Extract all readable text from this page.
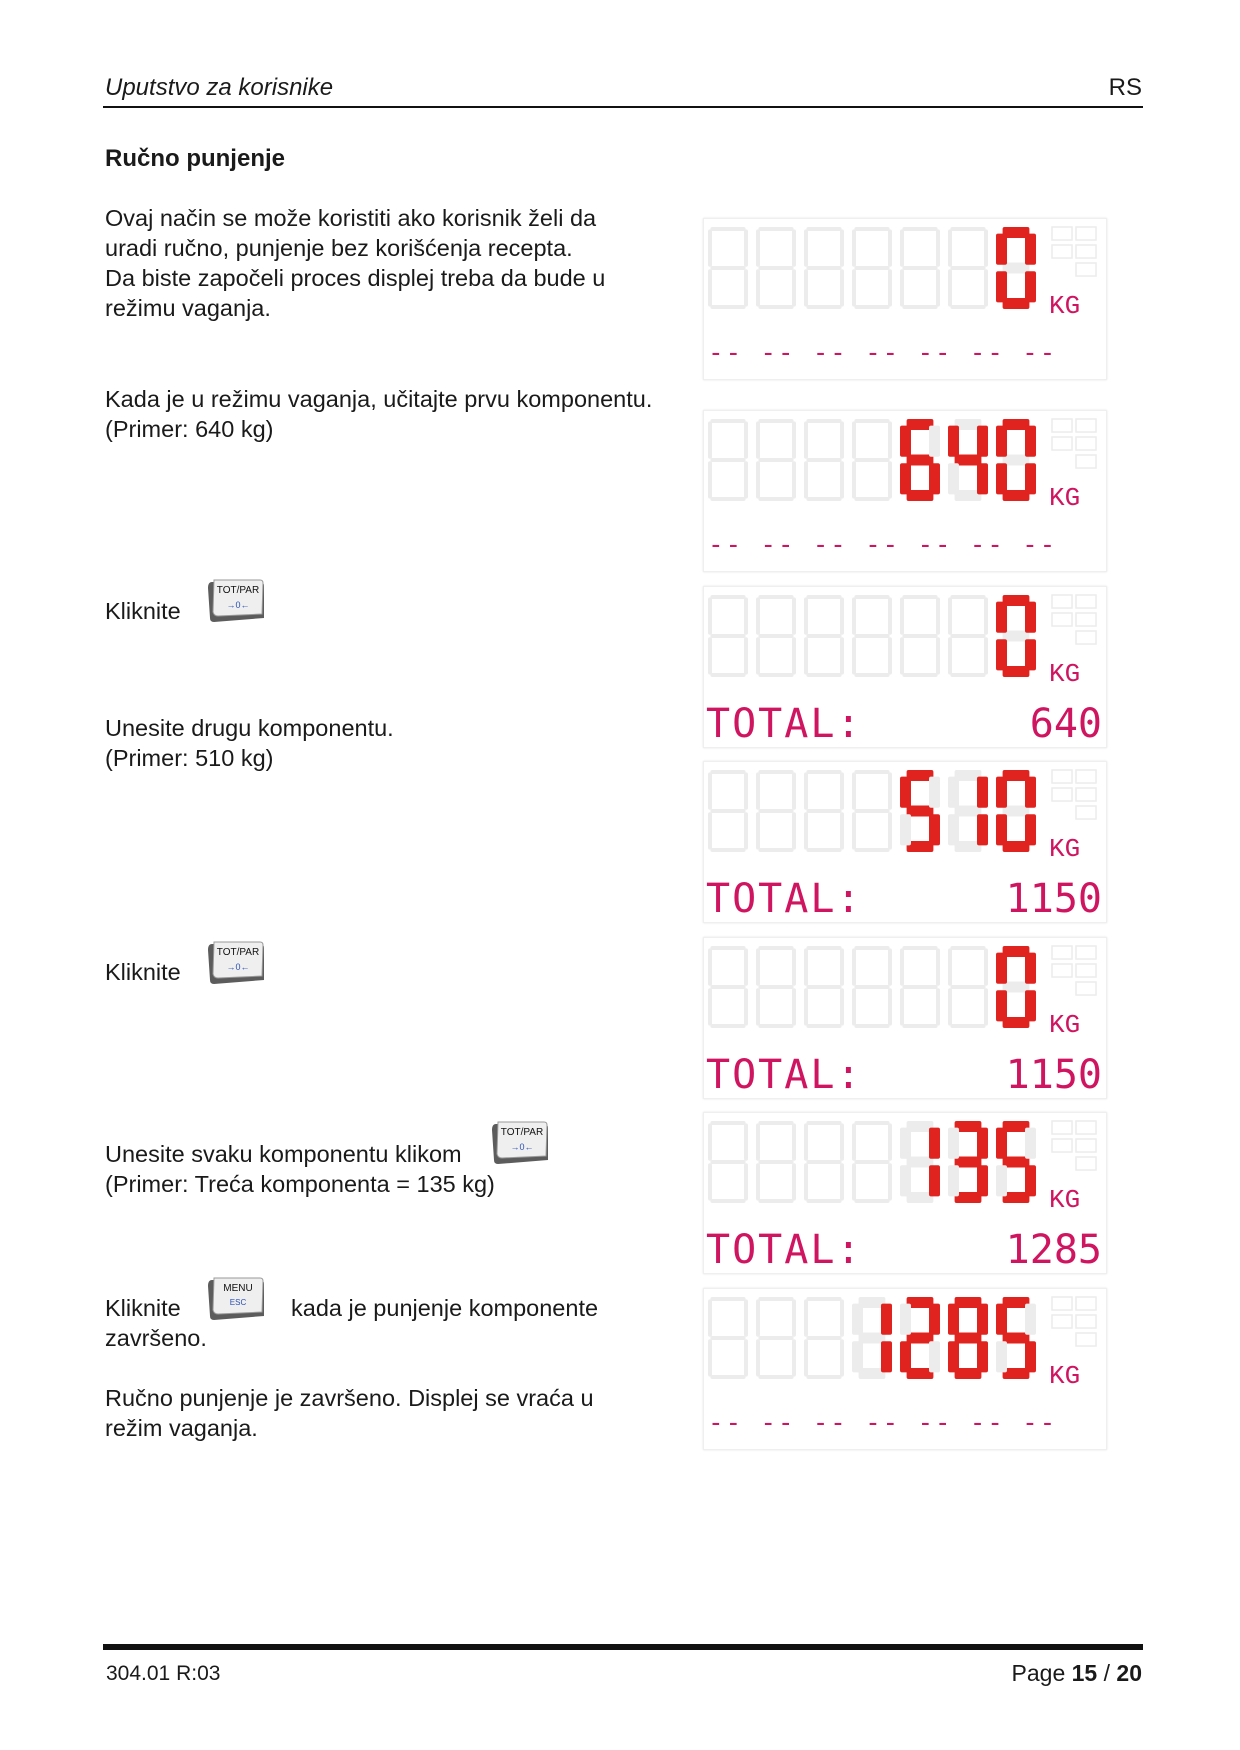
Uputstvo za korisnike	RS
Ručno punjenje
Ovaj način se može koristiti ako korisnik želi da
uradi ručno, punjenje bez korišćenja recepta.
Da biste započeli proces displej treba da bude u
režimu vaganja.
Kada je u režimu vaganja, učitajte prvu komponentu.
(Primer: 640 kg)
Kliknite
TOT/PAR
→0←
Unesite drugu komponentu.
(Primer: 510 kg)
Kliknite
TOT/PAR
→0←
Unesite svaku komponentu klikom
(Primer: Treća komponenta = 135 kg)
TOT/PAR
→0←
Kliknite
završeno.
MENU
ESC kada je punjenje komponente
Ručno punjenje je završeno. Displej se vraća u
režim vaganja.
KG
-- -- -- -- -- -- --
KG
-- -- -- -- -- -- --
KG
TOTAL:	640
KG
TOTAL:	1150
KG
TOTAL:	1150
KG
TOTAL:	1285
KG
-- -- -- -- -- -- --
304.01 R:03	Page 15 / 20
